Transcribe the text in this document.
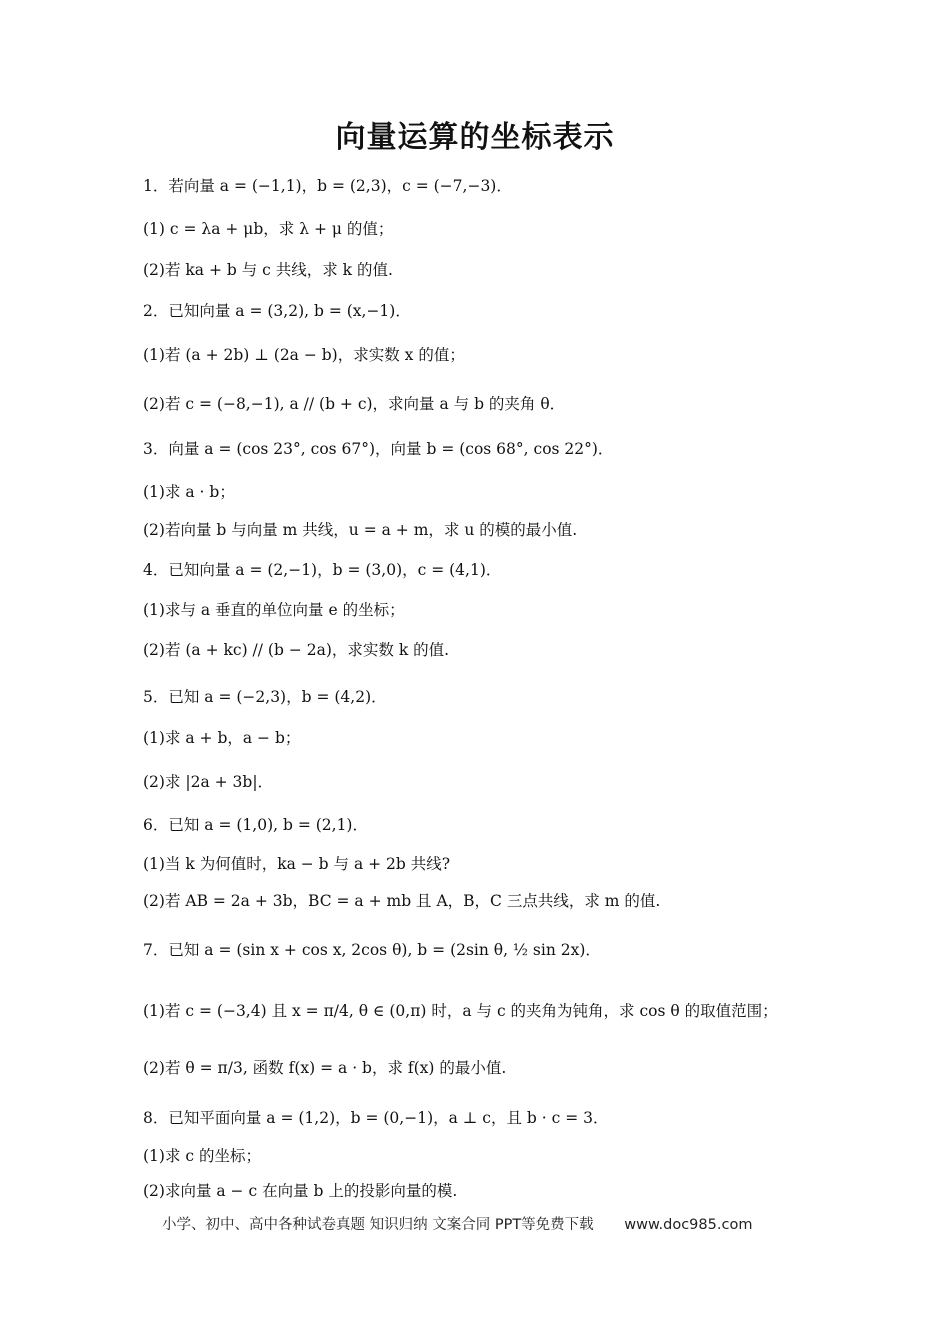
向量运算的坐标表示
1．若向量 a = (−1,1)，b = (2,3)，c = (−7,−3)．
(1) c = λa + μb，求 λ + μ 的值；
(2)若 ka + b 与 c 共线，求 k 的值.
2．已知向量 a = (3,2), b = (x,−1)．
(1)若 (a + 2b) ⊥ (2a − b)，求实数 x 的值；
(2)若 c = (−8,−1), a // (b + c)，求向量 a 与 b 的夹角 θ．
3．向量 a = (cos 23°, cos 67°)，向量 b = (cos 68°, cos 22°)．
(1)求 a · b；
(2)若向量 b 与向量 m 共线，u = a + m，求 u 的模的最小值.
4．已知向量 a = (2,−1)，b = (3,0)，c = (4,1)．
(1)求与 a 垂直的单位向量 e 的坐标；
(2)若 (a + kc) // (b − 2a)，求实数 k 的值.
5．已知 a = (−2,3)，b = (4,2)．
(1)求 a + b，a − b；
(2)求 |2a + 3b|．
6．已知 a = (1,0), b = (2,1)．
(1)当 k 为何值时，ka − b 与 a + 2b 共线?
(2)若 AB = 2a + 3b，BC = a + mb 且 A，B，C 三点共线，求 m 的值.
7．已知 a = (sin x + cos x, 2cos θ), b = (2sin θ, ½ sin 2x)．
(1)若 c = (−3,4) 且 x = π/4, θ ∈ (0,π) 时，a 与 c 的夹角为钝角，求 cos θ 的取值范围；
(2)若 θ = π/3, 函数 f(x) = a · b，求 f(x) 的最小值.
8．已知平面向量 a = (1,2)，b = (0,−1)，a ⊥ c，且 b · c = 3．
(1)求 c 的坐标；
(2)求向量 a − c 在向量 b 上的投影向量的模.
小学、初中、高中各种试卷真题 知识归纳 文案合同 PPT等免费下载 www.doc985.com
